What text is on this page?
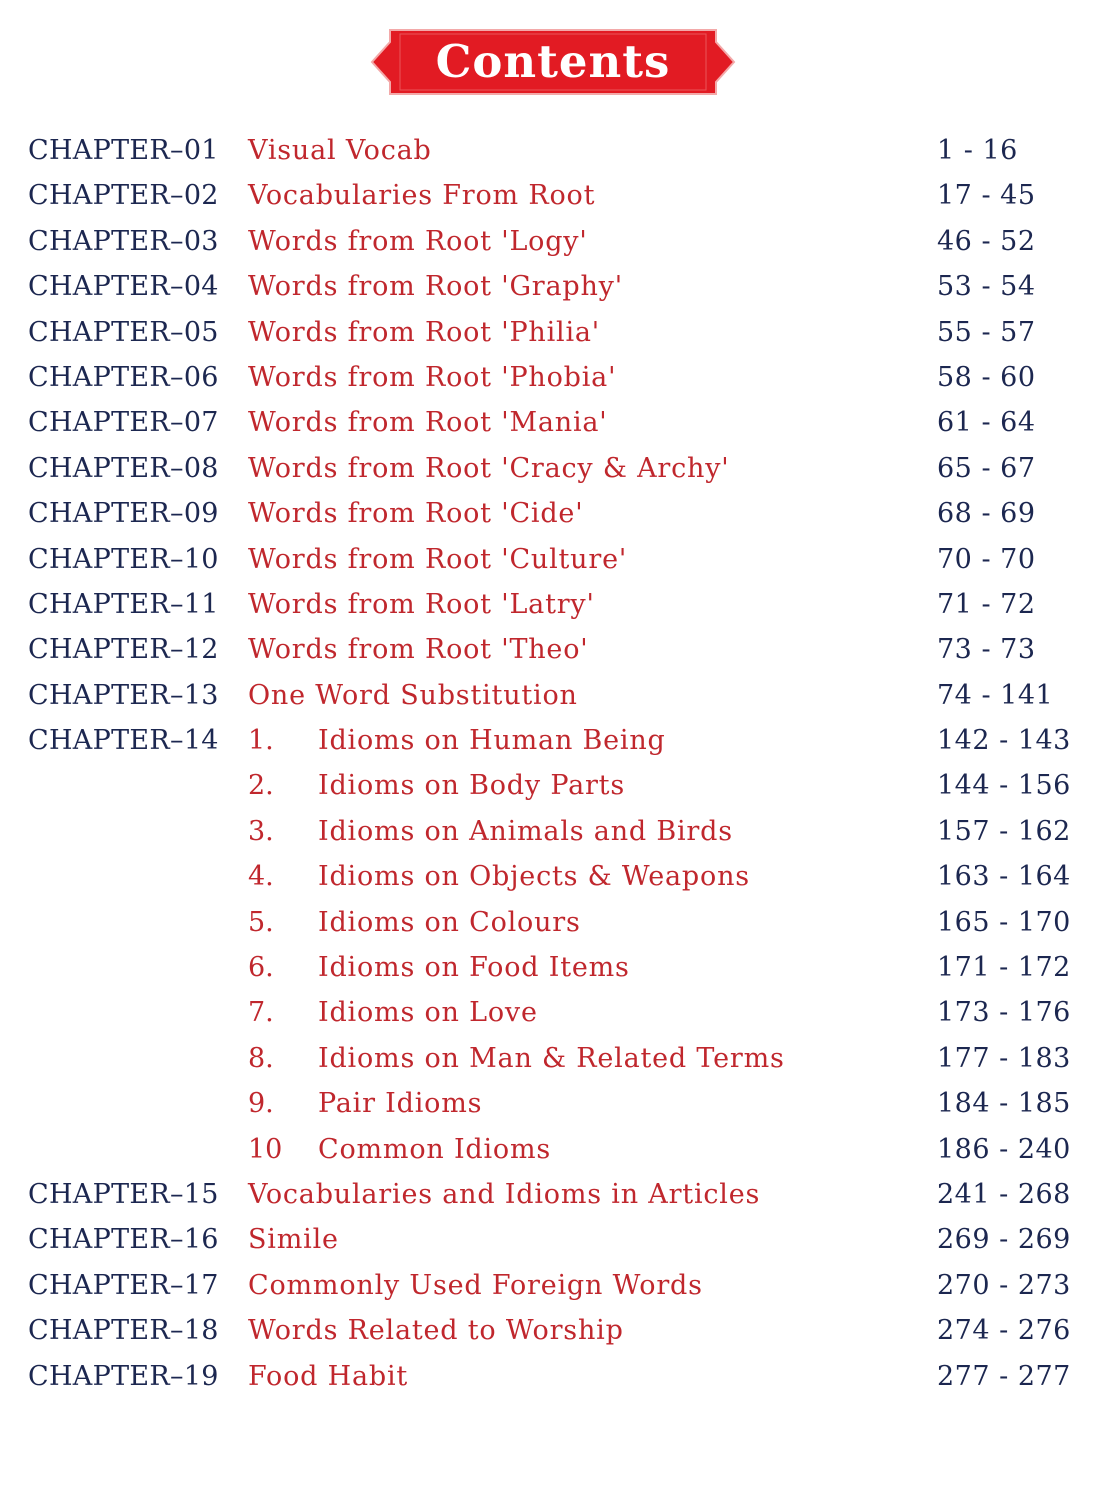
Contents
CHAPTER–01 Visual Vocab	1 - 16
CHAPTER–02 Vocabularies From Root	17 - 45
CHAPTER–03 Words from Root 'Logy'	46 - 52
CHAPTER–04 Words from Root 'Graphy'	53 - 54
CHAPTER–05 Words from Root 'Philia'	55 - 57
CHAPTER–06 Words from Root 'Phobia'	58 - 60
CHAPTER–07 Words from Root 'Mania'	61 - 64
CHAPTER–08 Words from Root 'Cracy & Archy'	65 - 67
CHAPTER–09 Words from Root 'Cide'	68 - 69
CHAPTER–10 Words from Root 'Culture'	70 - 70
CHAPTER–11 Words from Root 'Latry'	71 - 72
CHAPTER–12 Words from Root 'Theo'	73 - 73
CHAPTER–13 One Word Substitution	74 - 141
CHAPTER–14 1. Idioms on Human Being	142 - 143
2. Idioms on Body Parts	144 - 156
3. Idioms on Animals and Birds	157 - 162
4. Idioms on Objects & Weapons	163 - 164
5. Idioms on Colours	165 - 170
6. Idioms on Food Items	171 - 172
7. Idioms on Love	173 - 176
8. Idioms on Man & Related Terms	177 - 183
9. Pair Idioms	184 - 185
10 Common Idioms	186 - 240
CHAPTER–15 Vocabularies and Idioms in Articles	241 - 268
CHAPTER–16 Simile	269 - 269
CHAPTER–17 Commonly Used Foreign Words	270 - 273
CHAPTER–18 Words Related to Worship	274 - 276
CHAPTER–19 Food Habit	277 - 277
